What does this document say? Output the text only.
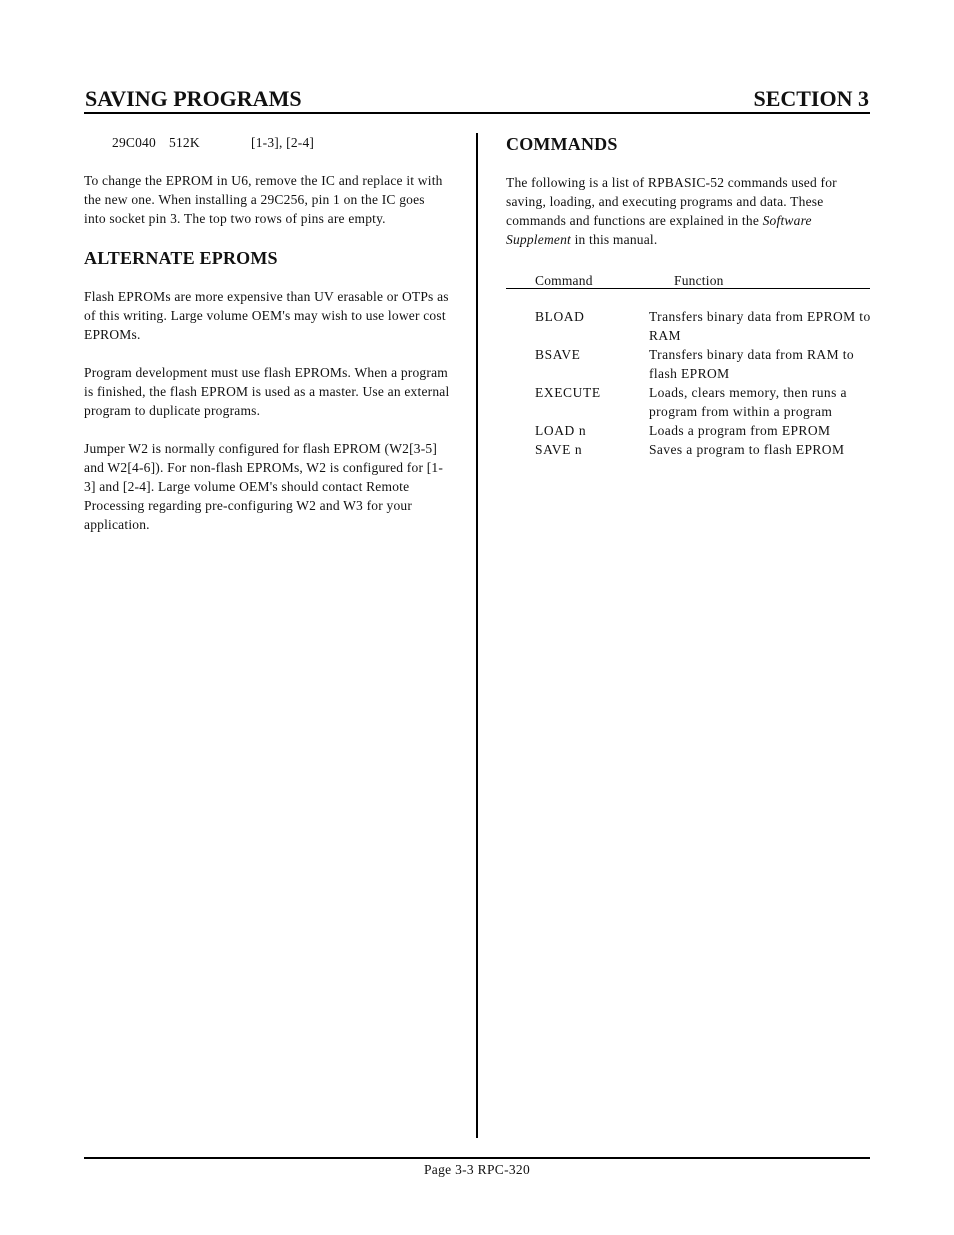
SAVING PROGRAMS	SECTION 3
29C040 512K	[1-3], [2-4]

To change the EPROM in U6, remove the IC and replace it with the new one. When installing a 29C256, pin 1 on the IC goes into socket pin 3. The top two rows of pins are empty.

ALTERNATE EPROMS

Flash EPROMs are more expensive than UV erasable or OTPs as of this writing. Large volume OEM's may wish to use lower cost EPROMs.

Program development must use flash EPROMs. When a program is finished, the flash EPROM is used as a master. Use an external program to duplicate programs.

Jumper W2 is normally configured for flash EPROM (W2[3-5] and W2[4-6]). For non-flash EPROMs, W2 is configured for [1-3] and [2-4]. Large volume OEM's should contact Remote Processing regarding pre-configuring W2 and W3 for your application.

COMMANDS

The following is a list of RPBASIC-52 commands used for saving, loading, and executing programs and data. These commands and functions are explained in the Software Supplement in this manual.

Command	Function
BLOAD	Transfers binary data from EPROM to RAM
BSAVE	Transfers binary data from RAM to flash EPROM
EXECUTE	Loads, clears memory, then runs a program from within a program
LOAD n	Loads a program from EPROM
SAVE n	Saves a program to flash EPROM
Page 3-3 RPC-320
